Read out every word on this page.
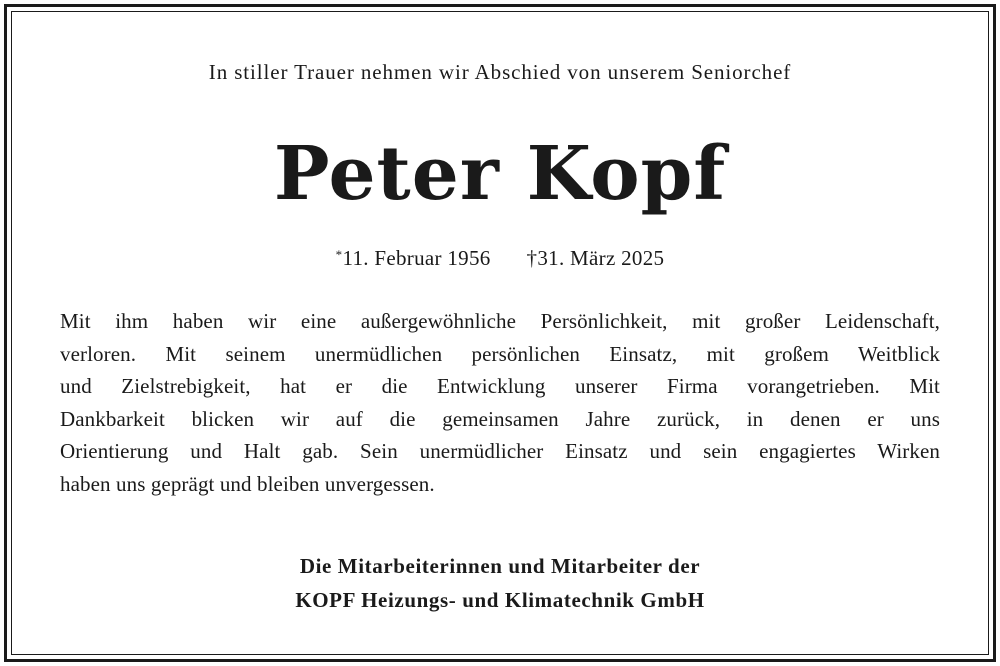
In stiller Trauer nehmen wir Abschied von unserem Seniorchef
Peter Kopf
*11. Februar 1956 †31. März 2025
Mit ihm haben wir eine außergewöhnliche Persönlichkeit, mit großer Leidenschaft,
verloren. Mit seinem unermüdlichen persönlichen Einsatz, mit großem Weitblick
und Zielstrebigkeit, hat er die Entwicklung unserer Firma vorangetrieben. Mit
Dankbarkeit blicken wir auf die gemeinsamen Jahre zurück, in denen er uns
Orientierung und Halt gab. Sein unermüdlicher Einsatz und sein engagiertes Wirken
haben uns geprägt und bleiben unvergessen.
Die Mitarbeiterinnen und Mitarbeiter der
KOPF Heizungs- und Klimatechnik GmbH
